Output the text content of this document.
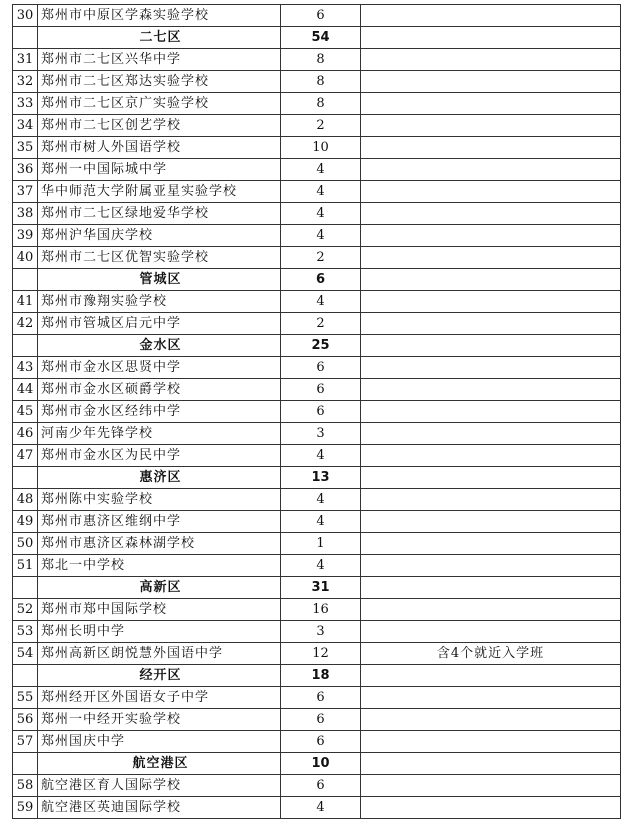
30	郑州市中原区学森实验学校	6	
	二七区	54	
31	郑州市二七区兴华中学	8	
32	郑州市二七区郑达实验学校	8	
33	郑州市二七区京广实验学校	8	
34	郑州市二七区创艺学校	2	
35	郑州市树人外国语学校	10	
36	郑州一中国际城中学	4	
37	华中师范大学附属亚星实验学校	4	
38	郑州市二七区绿地爱华学校	4	
39	郑州沪华国庆学校	4	
40	郑州市二七区优智实验学校	2	
	管城区	6	
41	郑州市豫翔实验学校	4	
42	郑州市管城区启元中学	2	
	金水区	25	
43	郑州市金水区思贤中学	6	
44	郑州市金水区硕爵学校	6	
45	郑州市金水区经纬中学	6	
46	河南少年先锋学校	3	
47	郑州市金水区为民中学	4	
	惠济区	13	
48	郑州陈中实验学校	4	
49	郑州市惠济区维纲中学	4	
50	郑州市惠济区森林湖学校	1	
51	郑北一中学校	4	
	高新区	31	
52	郑州市郑中国际学校	16	
53	郑州长明中学	3	
54	郑州高新区朗悦慧外国语中学	12	含4个就近入学班
	经开区	18	
55	郑州经开区外国语女子中学	6	
56	郑州一中经开实验学校	6	
57	郑州国庆中学	6	
	航空港区	10	
58	航空港区育人国际学校	6	
59	航空港区英迪国际学校	4	
